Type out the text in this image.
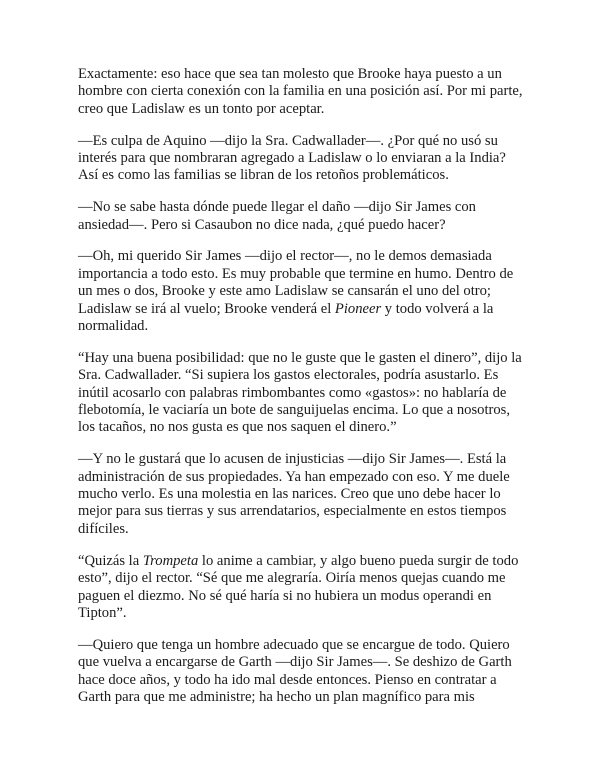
Exactamente: eso hace que sea tan molesto que Brooke haya puesto a un
hombre con cierta conexión con la familia en una posición así. Por mi parte,
creo que Ladislaw es un tonto por aceptar.

—Es culpa de Aquino —dijo la Sra. Cadwallader—. ¿Por qué no usó su
interés para que nombraran agregado a Ladislaw o lo enviaran a la India?
Así es como las familias se libran de los retoños problemáticos.

—No se sabe hasta dónde puede llegar el daño —dijo Sir James con
ansiedad—. Pero si Casaubon no dice nada, ¿qué puedo hacer?

—Oh, mi querido Sir James —dijo el rector—, no le demos demasiada
importancia a todo esto. Es muy probable que termine en humo. Dentro de
un mes o dos, Brooke y este amo Ladislaw se cansarán el uno del otro;
Ladislaw se irá al vuelo; Brooke venderá el Pioneer y todo volverá a la
normalidad.

“Hay una buena posibilidad: que no le guste que le gasten el dinero”, dijo la
Sra. Cadwallader. “Si supiera los gastos electorales, podría asustarlo. Es
inútil acosarlo con palabras rimbombantes como «gastos»: no hablaría de
flebotomía, le vaciaría un bote de sanguijuelas encima. Lo que a nosotros,
los tacaños, no nos gusta es que nos saquen el dinero.”

—Y no le gustará que lo acusen de injusticias —dijo Sir James—. Está la
administración de sus propiedades. Ya han empezado con eso. Y me duele
mucho verlo. Es una molestia en las narices. Creo que uno debe hacer lo
mejor para sus tierras y sus arrendatarios, especialmente en estos tiempos
difíciles.

“Quizás la Trompeta lo anime a cambiar, y algo bueno pueda surgir de todo
esto”, dijo el rector. “Sé que me alegraría. Oiría menos quejas cuando me
paguen el diezmo. No sé qué haría si no hubiera un modus operandi en
Tipton”.

—Quiero que tenga un hombre adecuado que se encargue de todo. Quiero
que vuelva a encargarse de Garth —dijo Sir James—. Se deshizo de Garth
hace doce años, y todo ha ido mal desde entonces. Pienso en contratar a
Garth para que me administre; ha hecho un plan magnífico para mis
